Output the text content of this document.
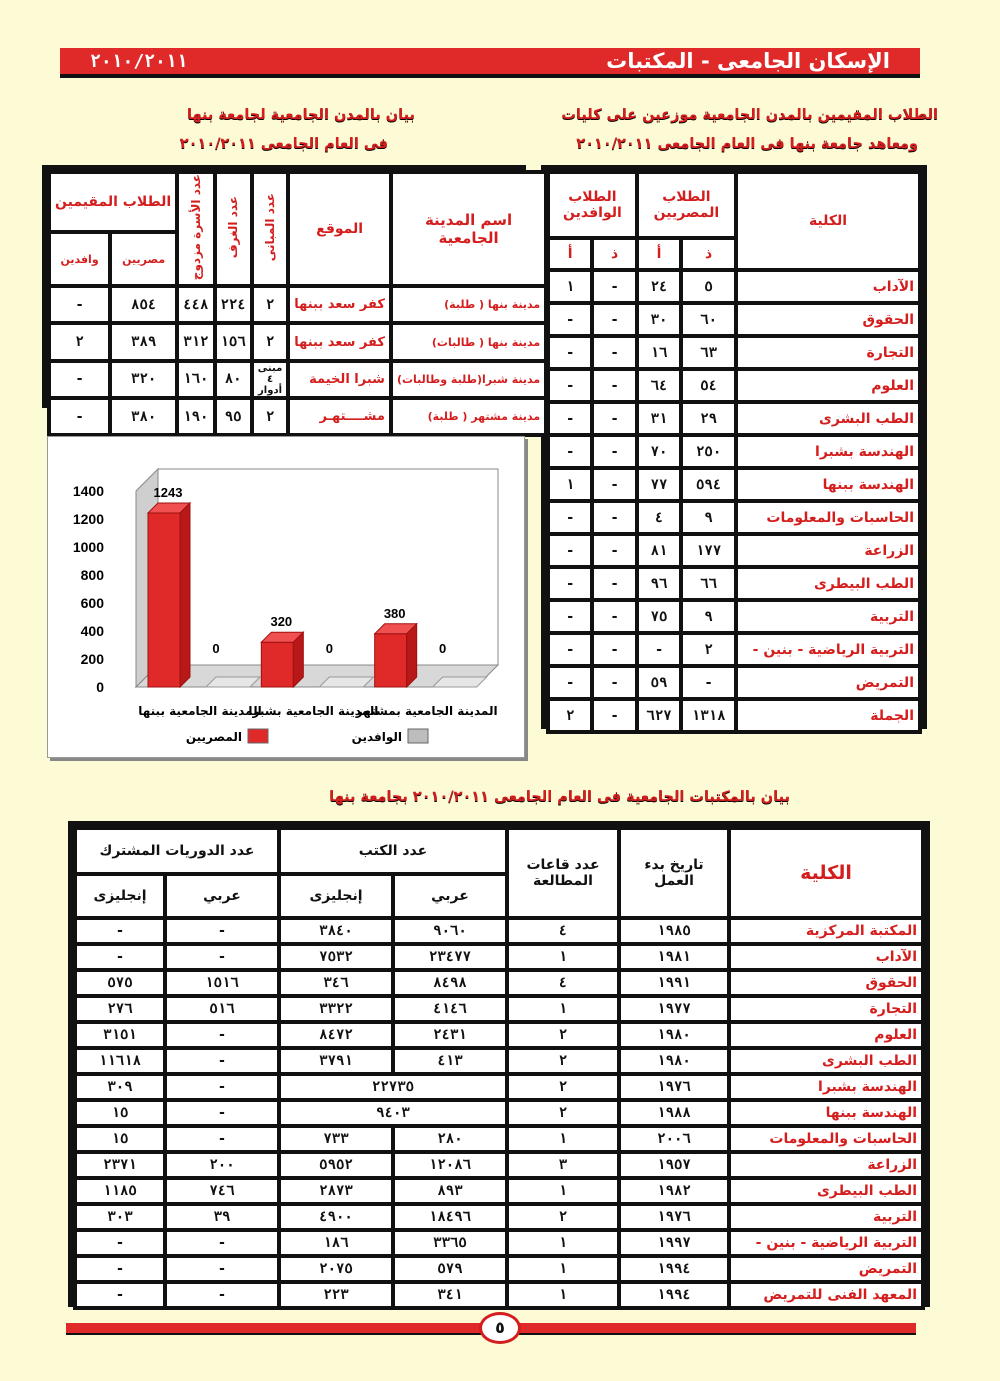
٢٠١٠/٢٠١١	الإسكان الجامعى - المكتبات
الطلاب المقيمين بالمدن الجامعية موزعين على كليات
ومعاهد جامعة بنها فى العام الجامعى ٢٠١٠/٢٠١١
بيان بالمدن الجامعية لجامعة بنها
فى العام الجامعى ٢٠١٠/٢٠١١
الكلية	الطلاب المصريين		الطلاب الوافدين	
	ذ	أ	ذ	أ
الآداب	٥	٢٤	-	١
الحقوق	٦٠	٣٠	-	-
التجارة	٦٣	١٦	-	-
العلوم	٥٤	٦٤	-	-
الطب البشرى	٢٩	٣١	-	-
الهندسة بشبرا	٢٥٠	٧٠	-	-
الهندسة ببنها	٥٩٤	٧٧	-	١
الحاسبات والمعلومات	٩	٤	-	-
الزراعة	١٧٧	٨١	-	-
الطب البيطرى	٦٦	٩٦	-	-
التربية	٩	٧٥	-	-
التربية الرياضية - بنين -	٢	-	-	-
التمريض	-	٥٩	-	-
الجملة	١٣١٨	٦٢٧	-	٢
اسم المدينة الجامعية	الموقع	عدد المبانى	عدد الغرف	عدد الأسرة مزدوج	الطلاب المقيمين	
					مصريين	وافدين
مدينة بنها ( طلبة)	كفر سعد ببنها	٢	٢٢٤	٤٤٨	٨٥٤	-
مدينة بنها ( طالبات)	كفر سعد ببنها	٢	١٥٦	٣١٢	٣٨٩	٢
مدينة شبرا(طلبة وطالبات)	شبرا الخيمة	مبنى ٤ أدوار	٨٠	١٦٠	٣٢٠	-
مدينة مشتهر ( طلبة)	مشــــتهـر	٢	٩٥	١٩٠	٣٨٠	-
0
200
400
600
800
1000
1200
1400	1243
0
المدينة الجامعية ببنها
320
0
المدينة الجامعية بشبرا
380
0
المدينة الجامعية بمشتهر
المصريين	الوافدين
بيان بالمكتبات الجامعية فى العام الجامعى ٢٠١٠/٢٠١١ بجامعة بنها
الكلية	تاريخ بدء العمل	عدد قاعات المطالعة	عدد الكتب		عدد الدوريات المشترك	
			عربي	إنجليزى	عربي	إنجليزى
المكتبة المركزية	١٩٨٥	٤	٩٠٦٠	٣٨٤٠	-	-
الآداب	١٩٨١	١	٢٣٤٧٧	٧٥٣٢	-	-
الحقوق	١٩٩١	٤	٨٤٩٨	٣٤٦	١٥١٦	٥٧٥
التجارة	١٩٧٧	١	٤١٤٦	٣٣٢٢	٥١٦	٢٧٦
العلوم	١٩٨٠	٢	٢٤٣١	٨٤٧٢	-	٣١٥١
الطب البشرى	١٩٨٠	٢	٤١٣	٣٧٩١	-	١١٦١٨
الهندسة بشبرا	١٩٧٦	٢	٢٢٧٣٥		-	٣٠٩
الهندسة ببنها	١٩٨٨	٢	٩٤٠٣		-	١٥
الحاسبات والمعلومات	٢٠٠٦	١	٢٨٠	٧٣٣	-	١٥
الزراعة	١٩٥٧	٣	١٢٠٨٦	٥٩٥٢	٢٠٠	٢٣٧١
الطب البيطرى	١٩٨٢	١	٨٩٣	٢٨٧٣	٧٤٦	١١٨٥
التربية	١٩٧٦	٢	١٨٤٩٦	٤٩٠٠	٣٩	٣٠٣
التربية الرياضية - بنين -	١٩٩٧	١	٣٣٦٥	١٨٦	-	-
التمريض	١٩٩٤	١	٥٧٩	٢٠٧٥	-	-
المعهد الفنى للتمريض	١٩٩٤	١	٣٤١	٢٢٣	-	-
٥
